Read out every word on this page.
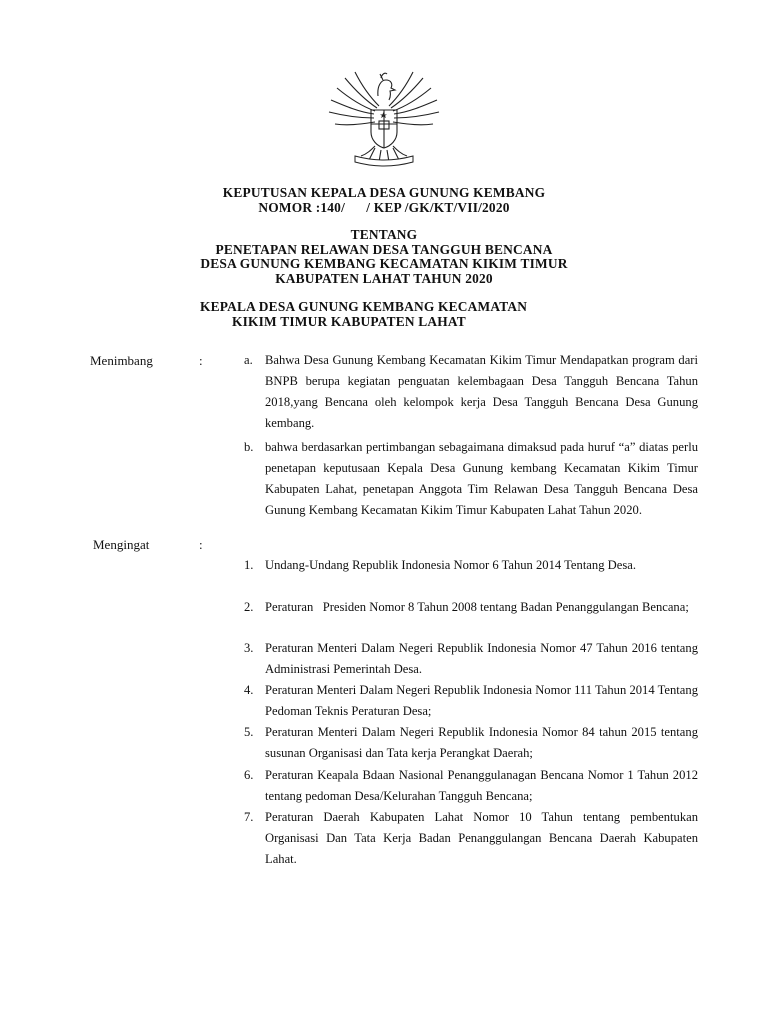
KEPUTUSAN KEPALA DESA GUNUNG KEMBANG
NOMOR :140/      / KEP /GK/KT/VII/2020
TENTANG
PENETAPAN RELAWAN DESA TANGGUH BENCANA
DESA GUNUNG KEMBANG KECAMATAN KIKIM TIMUR
KABUPATEN LAHAT TAHUN 2020
KEPALA DESA GUNUNG KEMBANG KECAMATAN
KIKIM TIMUR KABUPATEN LAHAT
Menimbang	:	a. Bahwa Desa Gunung Kembang Kecamatan Kikim Timur Mendapatkan program dari BNPB berupa kegiatan penguatan kelembagaan Desa Tangguh Bencana Tahun 2018,yang Bencana oleh kelompok kerja Desa Tangguh Bencana Desa Gunung kembang.
b. bahwa berdasarkan pertimbangan sebagaimana dimaksud pada huruf “a” diatas perlu penetapan keputusaan Kepala Desa Gunung kembang Kecamatan Kikim Timur Kabupaten Lahat, penetapan Anggota Tim Relawan Desa Tangguh Bencana Desa Gunung Kembang Kecamatan Kikim Timur Kabupaten Lahat Tahun 2020.
Mengingat	:
1. Undang-Undang Republik Indonesia Nomor 6 Tahun 2014 Tentang Desa.
2. Peraturan   Presiden Nomor 8 Tahun 2008 tentang Badan Penanggulangan Bencana;
3. Peraturan Menteri Dalam Negeri Republik Indonesia Nomor 47 Tahun 2016 tentang Administrasi Pemerintah Desa.
4. Peraturan Menteri Dalam Negeri Republik Indonesia Nomor 111 Tahun 2014 Tentang Pedoman Teknis Peraturan Desa;
5. Peraturan Menteri Dalam Negeri Republik Indonesia Nomor 84 tahun 2015 tentang susunan Organisasi dan Tata kerja Perangkat Daerah;
6. Peraturan Keapala Bdaan Nasional Penanggulanagan Bencana Nomor 1 Tahun 2012 tentang pedoman Desa/Kelurahan Tangguh Bencana;
7. Peraturan Daerah Kabupaten Lahat Nomor 10 Tahun tentang pembentukan Organisasi Dan Tata Kerja Badan Penanggulangan Bencana Daerah Kabupaten Lahat.
